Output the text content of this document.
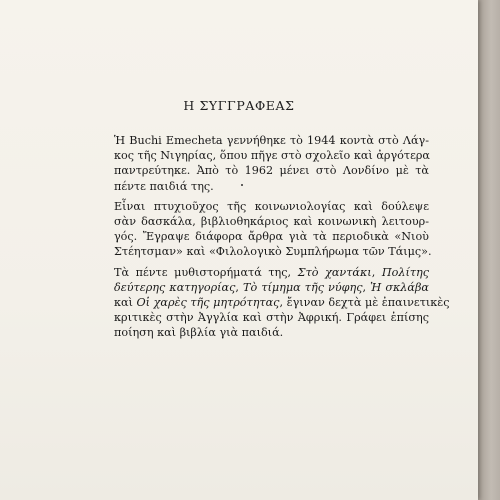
Η ΣΥΓΓΡΑΦΕΑΣ

Ἡ Buchi Emecheta γεννήθηκε τὸ 1944 κοντὰ στὸ Λάγ-
κος τῆς Νιγηρίας, ὅπου πῆγε στὸ σχολεῖο καὶ ἀργότερα
παντρεύτηκε. Ἀπὸ τὸ 1962 μένει στὸ Λονδίνο μὲ τὰ
πέντε παιδιά της.

Εἶναι πτυχιοῦχος τῆς κοινωνιολογίας καὶ δούλεψε
σὰν δασκάλα, βιβλιοθηκάριος καὶ κοινωνικὴ λειτουρ-
γός. Ἔγραψε διάφορα ἄρθρα γιὰ τὰ περιοδικὰ «Νιοὺ
Στέητσμαν» καὶ «Φιλολογικὸ Συμπλήρωμα τῶν Τάιμς».

Τὰ πέντε μυθιστορήματά της, Στὸ χαντάκι, Πολίτης
δεύτερης κατηγορίας, Τὸ τίμημα τῆς νύφης, Ἡ σκλάβα
καὶ Οἱ χαρὲς τῆς μητρότητας, ἔγιναν δεχτὰ μὲ ἐπαινετικὲς
κριτικὲς στὴν Ἀγγλία καὶ στὴν Ἀφρική. Γράφει ἐπίσης
ποίηση καὶ βιβλία γιὰ παιδιά.
